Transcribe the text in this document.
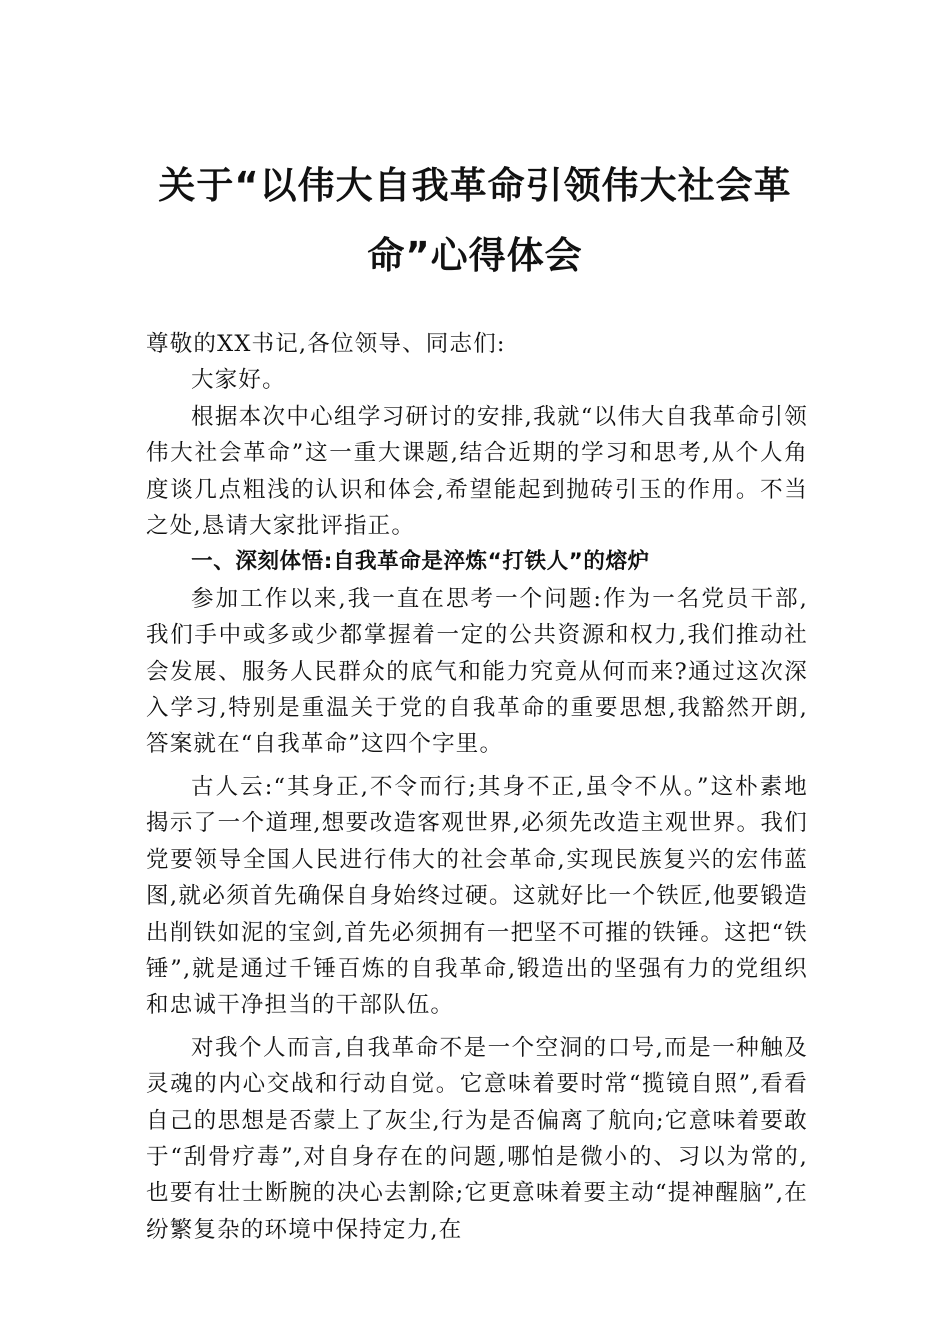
关于“以伟大自我革命引领伟大社会革
命”心得体会

尊敬的XX书记,各位领导、同志们:

大家好。

根据本次中心组学习研讨的安排,我就“以伟大自我革命引领伟大社会革命”这一重大课题,结合近期的学习和思考,从个人角度谈几点粗浅的认识和体会,希望能起到抛砖引玉的作用。不当之处,恳请大家批评指正。

一、深刻体悟:自我革命是淬炼“打铁人”的熔炉

参加工作以来,我一直在思考一个问题:作为一名党员干部,我们手中或多或少都掌握着一定的公共资源和权力,我们推动社会发展、服务人民群众的底气和能力究竟从何而来?通过这次深入学习,特别是重温关于党的自我革命的重要思想,我豁然开朗,答案就在“自我革命”这四个字里。

古人云:“其身正,不令而行;其身不正,虽令不从。”这朴素地揭示了一个道理,想要改造客观世界,必须先改造主观世界。我们党要领导全国人民进行伟大的社会革命,实现民族复兴的宏伟蓝图,就必须首先确保自身始终过硬。这就好比一个铁匠,他要锻造出削铁如泥的宝剑,首先必须拥有一把坚不可摧的铁锤。这把“铁锤”,就是通过千锤百炼的自我革命,锻造出的坚强有力的党组织和忠诚干净担当的干部队伍。

对我个人而言,自我革命不是一个空洞的口号,而是一种触及灵魂的内心交战和行动自觉。它意味着要时常“揽镜自照”,看看自己的思想是否蒙上了灰尘,行为是否偏离了航向;它意味着要敢于“刮骨疗毒”,对自身存在的问题,哪怕是微小的、习以为常的,也要有壮士断腕的决心去割除;它更意味着要主动“提神醒脑”,在纷繁复杂的环境中保持定力,在
